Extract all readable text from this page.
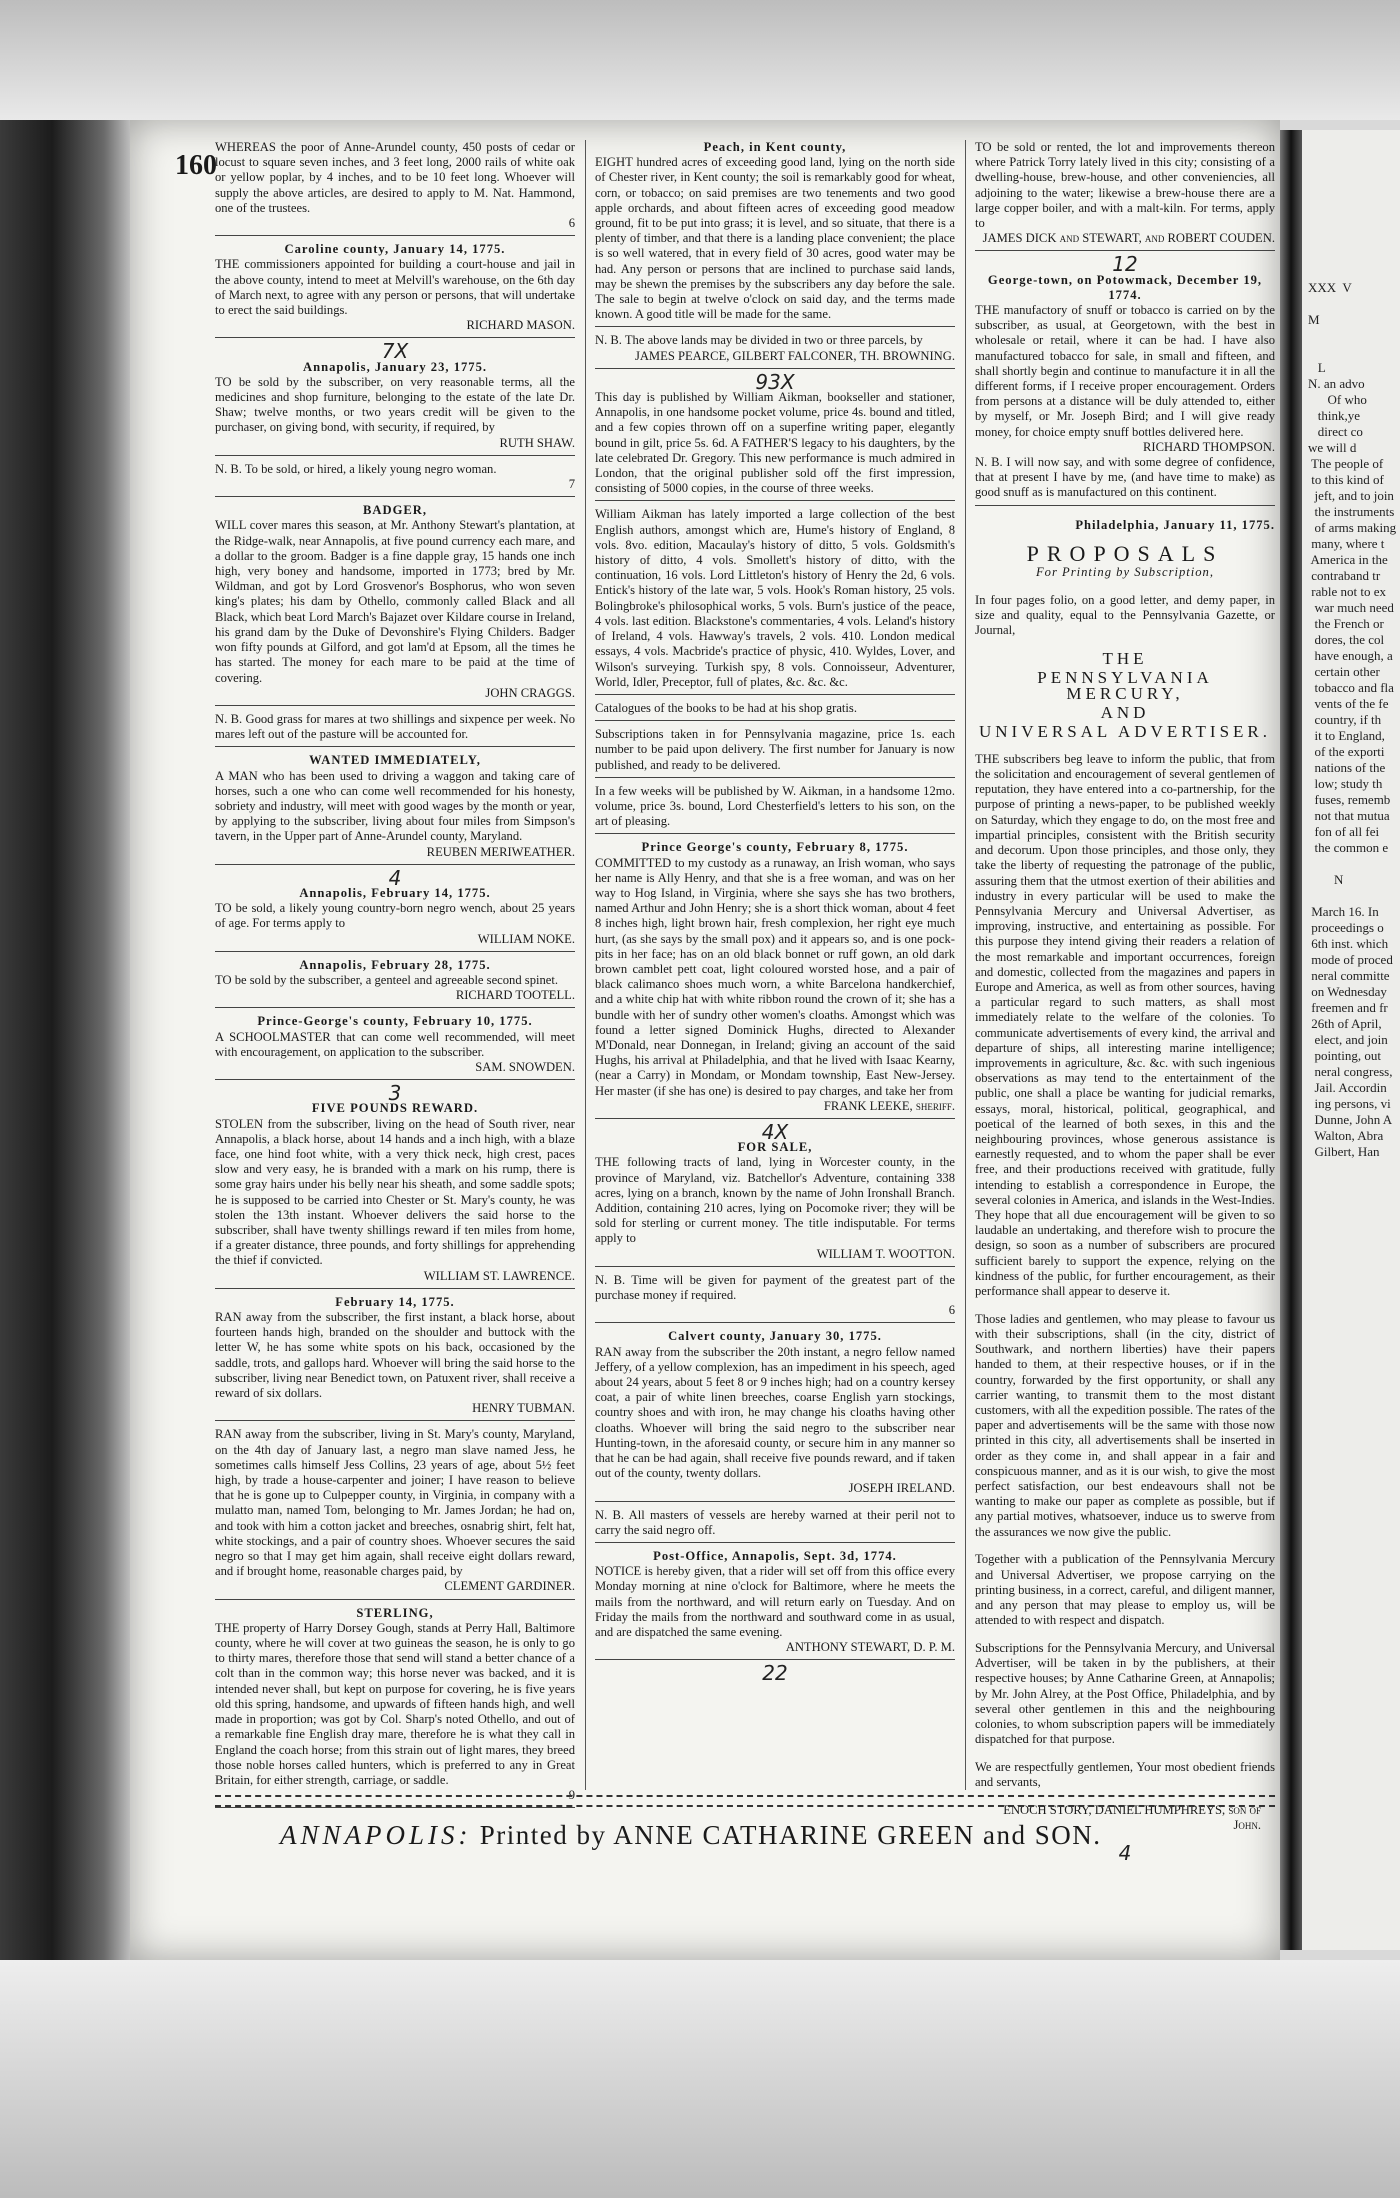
XXX  V

M

L
N. an advo
Of who
think,ye
direct co
we will d
The people of
to this kind of
jeft, and to join
the instruments
of arms making
many, where t
America in the
contraband tr
rable not to ex
war much need
the French or
dores, the col
have enough, a
certain other
tobacco and fla
vents of the fe
country, if th
it to England,
of the exporti
nations of the
low; study th
fuses, rememb
not that mutua
fon of all fei
the common e

N

March 16. In
proceedings o
6th inst. which
mode of proced
neral committe
on Wednesday
freemen and fr
26th of April,
elect, and join
pointing, out
neral congress,
Jail. Accordin
ing persons, vi
Dunne, John A
Walton, Abra
Gilbert, Han
160

WHEREAS the poor of Anne-Arundel county, 450 posts of cedar or locust to square seven inches, and 3 feet long, 2000 rails of white oak or yellow poplar, by 4 inches, and to be 10 feet long. Whoever will supply the above articles, are desired to apply to M. Nat. Hammond, one of the trustees.

6

Caroline county, January 14, 1775.

THE commissioners appointed for building a court-house and jail in the above county, intend to meet at Melvill's warehouse, on the 6th day of March next, to agree with any person or persons, that will undertake to erect the said buildings.

RICHARD MASON.

7X

Annapolis, January 23, 1775.

TO be sold by the subscriber, on very reasonable terms, all the medicines and shop furniture, belonging to the estate of the late Dr. Shaw; twelve months, or two years credit will be given to the purchaser, on giving bond, with security, if required, by

RUTH SHAW.

N. B. To be sold, or hired, a likely young negro woman.

7

BADGER,

WILL cover mares this season, at Mr. Anthony Stewart's plantation, at the Ridge-walk, near Annapolis, at five pound currency each mare, and a dollar to the groom. Badger is a fine dapple gray, 15 hands one inch high, very boney and handsome, imported in 1773; bred by Mr. Wildman, and got by Lord Grosvenor's Bosphorus, who won seven king's plates; his dam by Othello, commonly called Black and all Black, which beat Lord March's Bajazet over Kildare course in Ireland, his grand dam by the Duke of Devonshire's Flying Childers. Badger won fifty pounds at Gilford, and got lam'd at Epsom, all the times he has started. The money for each mare to be paid at the time of covering.

JOHN CRAGGS.

N. B. Good grass for mares at two shillings and sixpence per week. No mares left out of the pasture will be accounted for.

WANTED IMMEDIATELY,

A MAN who has been used to driving a waggon and taking care of horses, such a one who can come well recommended for his honesty, sobriety and industry, will meet with good wages by the month or year, by applying to the subscriber, living about four miles from Simpson's tavern, in the Upper part of Anne-Arundel county, Maryland.

REUBEN MERIWEATHER.

4

Annapolis, February 14, 1775.

TO be sold, a likely young country-born negro wench, about 25 years of age. For terms apply to

WILLIAM NOKE.

Annapolis, February 28, 1775.

TO be sold by the subscriber, a genteel and agreeable second spinet.

RICHARD TOOTELL.

Prince-George's county, February 10, 1775.

A SCHOOLMASTER that can come well recommended, will meet with encouragement, on application to the subscriber.

SAM. SNOWDEN.

3

FIVE POUNDS REWARD.

STOLEN from the subscriber, living on the head of South river, near Annapolis, a black horse, about 14 hands and a inch high, with a blaze face, one hind foot white, with a very thick neck, high crest, paces slow and very easy, he is branded with a mark on his rump, there is some gray hairs under his belly near his sheath, and some saddle spots; he is supposed to be carried into Chester or St. Mary's county, he was stolen the 13th instant. Whoever delivers the said horse to the subscriber, shall have twenty shillings reward if ten miles from home, if a greater distance, three pounds, and forty shillings for apprehending the thief if convicted.

WILLIAM ST. LAWRENCE.

February 14, 1775.

RAN away from the subscriber, the first instant, a black horse, about fourteen hands high, branded on the shoulder and buttock with the letter W, he has some white spots on his back, occasioned by the saddle, trots, and gallops hard. Whoever will bring the said horse to the subscriber, living near Benedict town, on Patuxent river, shall receive a reward of six dollars.

HENRY TUBMAN.

RAN away from the subscriber, living in St. Mary's county, Maryland, on the 4th day of January last, a negro man slave named Jess, he sometimes calls himself Jess Collins, 23 years of age, about 5½ feet high, by trade a house-carpenter and joiner; I have reason to believe that he is gone up to Culpepper county, in Virginia, in company with a mulatto man, named Tom, belonging to Mr. James Jordan; he had on, and took with him a cotton jacket and breeches, osnabrig shirt, felt hat, white stockings, and a pair of country shoes. Whoever secures the said negro so that I may get him again, shall receive eight dollars reward, and if brought home, reasonable charges paid, by

CLEMENT GARDINER.

STERLING,

THE property of Harry Dorsey Gough, stands at Perry Hall, Baltimore county, where he will cover at two guineas the season, he is only to go to thirty mares, therefore those that send will stand a better chance of a colt than in the common way; this horse never was backed, and it is intended never shall, but kept on purpose for covering, he is five years old this spring, handsome, and upwards of fifteen hands high, and well made in proportion; was got by Col. Sharp's noted Othello, and out of a remarkable fine English dray mare, therefore he is what they call in England the coach horse; from this strain out of light mares, they breed those noble horses called hunters, which is preferred to any in Great Britain, for either strength, carriage, or saddle.

9

Peach, in Kent county,

EIGHT hundred acres of exceeding good land, lying on the north side of Chester river, in Kent county; the soil is remarkably good for wheat, corn, or tobacco; on said premises are two tenements and two good apple orchards, and about fifteen acres of exceeding good meadow ground, fit to be put into grass; it is level, and so situate, that there is a plenty of timber, and that there is a landing place convenient; the place is so well watered, that in every field of 30 acres, good water may be had. Any person or persons that are inclined to purchase said lands, may be shewn the premises by the subscribers any day before the sale. The sale to begin at twelve o'clock on said day, and the terms made known. A good title will be made for the same.

N. B. The above lands may be divided in two or three parcels, by

JAMES PEARCE, GILBERT FALCONER, TH. BROWNING.

93X

This day is published by William Aikman, bookseller and stationer, Annapolis, in one handsome pocket volume, price 4s. bound and titled, and a few copies thrown off on a superfine writing paper, elegantly bound in gilt, price 5s. 6d. A FATHER'S legacy to his daughters, by the late celebrated Dr. Gregory. This new performance is much admired in London, that the original publisher sold off the first impression, consisting of 5000 copies, in the course of three weeks.

William Aikman has lately imported a large collection of the best English authors, amongst which are, Hume's history of England, 8 vols. 8vo. edition, Macaulay's history of ditto, 5 vols. Goldsmith's history of ditto, 4 vols. Smollett's history of ditto, with the continuation, 16 vols. Lord Littleton's history of Henry the 2d, 6 vols. Entick's history of the late war, 5 vols. Hook's Roman history, 25 vols. Bolingbroke's philosophical works, 5 vols. Burn's justice of the peace, 4 vols. last edition. Blackstone's commentaries, 4 vols. Leland's history of Ireland, 4 vols. Hawway's travels, 2 vols. 410. London medical essays, 4 vols. Macbride's practice of physic, 410. Wyldes, Lover, and Wilson's surveying. Turkish spy, 8 vols. Connoisseur, Adventurer, World, Idler, Preceptor, full of plates, &c. &c. &c.

Catalogues of the books to be had at his shop gratis.

Subscriptions taken in for Pennsylvania magazine, price 1s. each number to be paid upon delivery. The first number for January is now published, and ready to be delivered.

In a few weeks will be published by W. Aikman, in a handsome 12mo. volume, price 3s. bound, Lord Chesterfield's letters to his son, on the art of pleasing.

Prince George's county, February 8, 1775.

COMMITTED to my custody as a runaway, an Irish woman, who says her name is Ally Henry, and that she is a free woman, and was on her way to Hog Island, in Virginia, where she says she has two brothers, named Arthur and John Henry; she is a short thick woman, about 4 feet 8 inches high, light brown hair, fresh complexion, her right eye much hurt, (as she says by the small pox) and it appears so, and is one pock-pits in her face; has on an old black bonnet or ruff gown, an old dark brown camblet pett coat, light coloured worsted hose, and a pair of black calimanco shoes much worn, a white Barcelona handkerchief, and a white chip hat with white ribbon round the crown of it; she has a bundle with her of sundry other women's cloaths. Amongst which was found a letter signed Dominick Hughs, directed to Alexander M'Donald, near Donnegan, in Ireland; giving an account of the said Hughs, his arrival at Philadelphia, and that he lived with Isaac Kearny, (near a Carry) in Mondam, or Mondam township, East New-Jersey. Her master (if she has one) is desired to pay charges, and take her from

FRANK LEEKE, sheriff.

4X

FOR SALE,

THE following tracts of land, lying in Worcester county, in the province of Maryland, viz. Batchellor's Adventure, containing 338 acres, lying on a branch, known by the name of John Ironshall Branch. Addition, containing 210 acres, lying on Pocomoke river; they will be sold for sterling or current money. The title indisputable. For terms apply to

WILLIAM T. WOOTTON.

N. B. Time will be given for payment of the greatest part of the purchase money if required.

6

Calvert county, January 30, 1775.

RAN away from the subscriber the 20th instant, a negro fellow named Jeffery, of a yellow complexion, has an impediment in his speech, aged about 24 years, about 5 feet 8 or 9 inches high; had on a country kersey coat, a pair of white linen breeches, coarse English yarn stockings, country shoes and with iron, he may change his cloaths having other cloaths. Whoever will bring the said negro to the subscriber near Hunting-town, in the aforesaid county, or secure him in any manner so that he can be had again, shall receive five pounds reward, and if taken out of the county, twenty dollars.

JOSEPH IRELAND.

N. B. All masters of vessels are hereby warned at their peril not to carry the said negro off.

Post-Office, Annapolis, Sept. 3d, 1774.

NOTICE is hereby given, that a rider will set off from this office every Monday morning at nine o'clock for Baltimore, where he meets the mails from the northward, and will return early on Tuesday. And on Friday the mails from the northward and southward come in as usual, and are dispatched the same evening.

ANTHONY STEWART, D. P. M.

22

TO be sold or rented, the lot and improvements thereon where Patrick Torry lately lived in this city; consisting of a dwelling-house, brew-house, and other conveniencies, all adjoining to the water; likewise a brew-house there are a large copper boiler, and with a malt-kiln. For terms, apply to

JAMES DICK and STEWART, and ROBERT COUDEN.

12

George-town, on Potowmack, December 19, 1774.

THE manufactory of snuff or tobacco is carried on by the subscriber, as usual, at Georgetown, with the best in wholesale or retail, where it can be had. I have also manufactured tobacco for sale, in small and fifteen, and shall shortly begin and continue to manufacture it in all the different forms, if I receive proper encouragement. Orders from persons at a distance will be duly attended to, either by myself, or Mr. Joseph Bird; and I will give ready money, for choice empty snuff bottles delivered here.

RICHARD THOMPSON.

N. B. I will now say, and with some degree of confidence, that at present I have by me, (and have time to make) as good snuff as is manufactured on this continent.

Philadelphia, January 11, 1775.

PROPOSALS
For Printing by Subscription,

In four pages folio, on a good letter, and demy paper, in size and quality, equal to the Pennsylvania Gazette, or Journal,

THE
PENNSYLVANIA MERCURY,
AND
UNIVERSAL ADVERTISER.

THE subscribers beg leave to inform the public, that from the solicitation and encouragement of several gentlemen of reputation, they have entered into a co-partnership, for the purpose of printing a news-paper, to be published weekly on Saturday, which they engage to do, on the most free and impartial principles, consistent with the British security and decorum. Upon those principles, and those only, they take the liberty of requesting the patronage of the public, assuring them that the utmost exertion of their abilities and industry in every particular will be used to make the Pennsylvania Mercury and Universal Advertiser, as improving, instructive, and entertaining as possible. For this purpose they intend giving their readers a relation of the most remarkable and important occurrences, foreign and domestic, collected from the magazines and papers in Europe and America, as well as from other sources, having a particular regard to such matters, as shall most immediately relate to the welfare of the colonies. To communicate advertisements of every kind, the arrival and departure of ships, all interesting marine intelligence; improvements in agriculture, &c. &c. with such ingenious observations as may tend to the entertainment of the public, one shall a place be wanting for judicial remarks, essays, moral, historical, political, geographical, and poetical of the learned of both sexes, in this and the neighbouring provinces, whose generous assistance is earnestly requested, and to whom the paper shall be ever free, and their productions received with gratitude, fully intending to establish a correspondence in Europe, the several colonies in America, and islands in the West-Indies. They hope that all due encouragement will be given to so laudable an undertaking, and therefore wish to procure the design, so soon as a number of subscribers are procured sufficient barely to support the expence, relying on the kindness of the public, for further encouragement, as their performance shall appear to deserve it.

Those ladies and gentlemen, who may please to favour us with their subscriptions, shall (in the city, district of Southwark, and northern liberties) have their papers handed to them, at their respective houses, or if in the country, forwarded by the first opportunity, or shall any carrier wanting, to transmit them to the most distant customers, with all the expedition possible. The rates of the paper and advertisements will be the same with those now printed in this city, all advertisements shall be inserted in order as they come in, and shall appear in a fair and conspicuous manner, and as it is our wish, to give the most perfect satisfaction, our best endeavours shall not be wanting to make our paper as complete as possible, but if any partial motives, whatsoever, induce us to swerve from the assurances we now give the public.

Together with a publication of the Pennsylvania Mercury and Universal Advertiser, we propose carrying on the printing business, in a correct, careful, and diligent manner, and any person that may please to employ us, will be attended to with respect and dispatch.

Subscriptions for the Pennsylvania Mercury, and Universal Advertiser, will be taken in by the publishers, at their respective houses; by Anne Catharine Green, at Annapolis; by Mr. John Alrey, at the Post Office, Philadelphia, and by several other gentlemen in this and the neighbouring colonies, to whom subscription papers will be immediately dispatched for that purpose.

We are respectfully gentlemen, Your most obedient friends and servants,

ENOCH STORY, DANIEL HUMPHREYS, son of John.

4
ANNAPOLIS: Printed by ANNE CATHARINE GREEN and SON.
